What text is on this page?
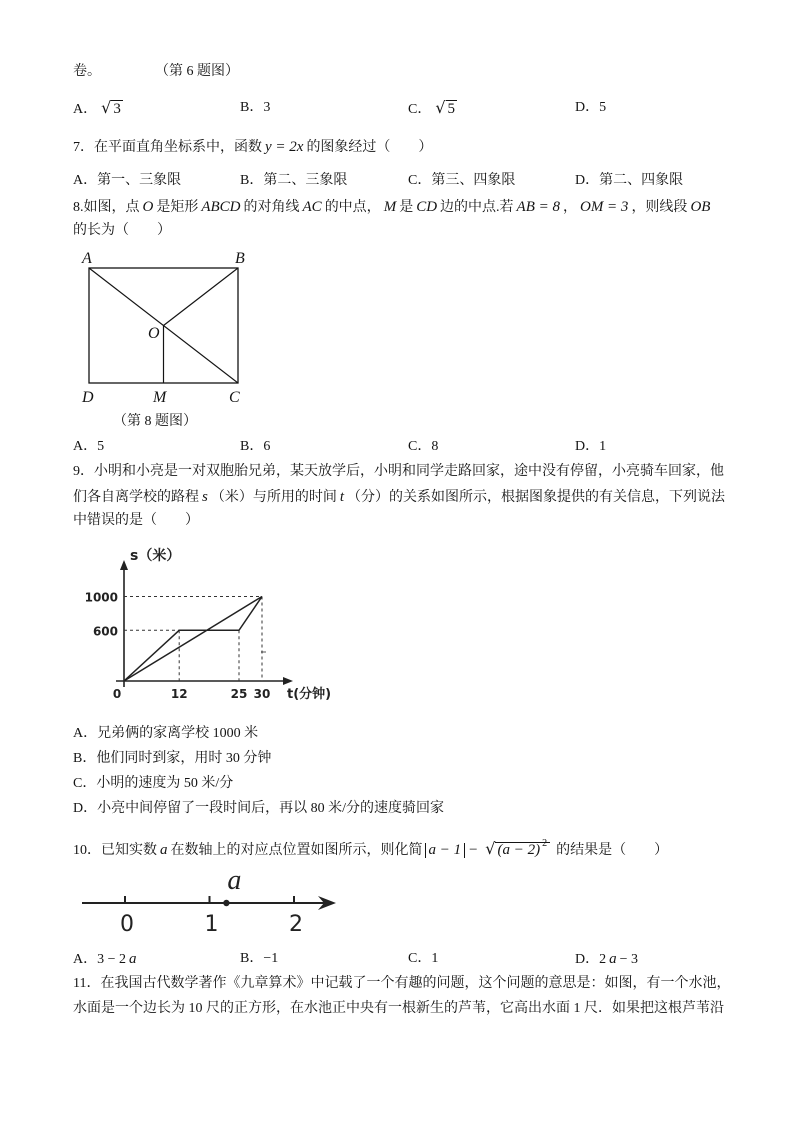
卷。	（第 6 题图）
A． √ 3	B．3	C． √ 5	D．5
7．在平面直角坐标系中，函数 y = 2x 的图象经过（　　）
A．第一、三象限	B．第二、三象限	C．第三、四象限	D．第二、四象限
8.如图，点 O 是矩形 ABCD 的对角线 AC 的中点， M 是 CD 边的中点.若 AB = 8 ， OM = 3 ，则线段 OB
的长为（　　）
A	B
D	M	C
O
（第 8 题图）
A．5	B．6	C．8	D．1
9．小明和小亮是一对双胞胎兄弟，某天放学后，小明和同学走路回家，途中没有停留，小亮骑车回家，他
们各自离学校的路程 s （米）与所用的时间 t （分）的关系如图所示，根据图象提供的有关信息，下列说法
中错误的是（　　）
12	25 30
600
1000
0	t(分钟)
s（米）
A．兄弟俩的家离学校 1000 米
B．他们同时到家，用时 30 分钟
C．小明的速度为 50 米/分
D．小亮中间停留了一段时间后，再以 80 米/分的速度骑回家
10．已知实数 a 在数轴上的对应点位置如图所示，则化简 a − 1 − √ (a − 2) $^2$ 的结果是（　　）
0	1	2
a
A．3 − 2 a	B．−1	C．1	D．2 a − 3
11．在我国古代数学著作《九章算术》中记载了一个有趣的问题，这个问题的意思是：如图，有一个水池，
水面是一个边长为 10 尺的正方形，在水池正中央有一根新生的芦苇，它高出水面 1 尺．如果把这根芦苇沿
